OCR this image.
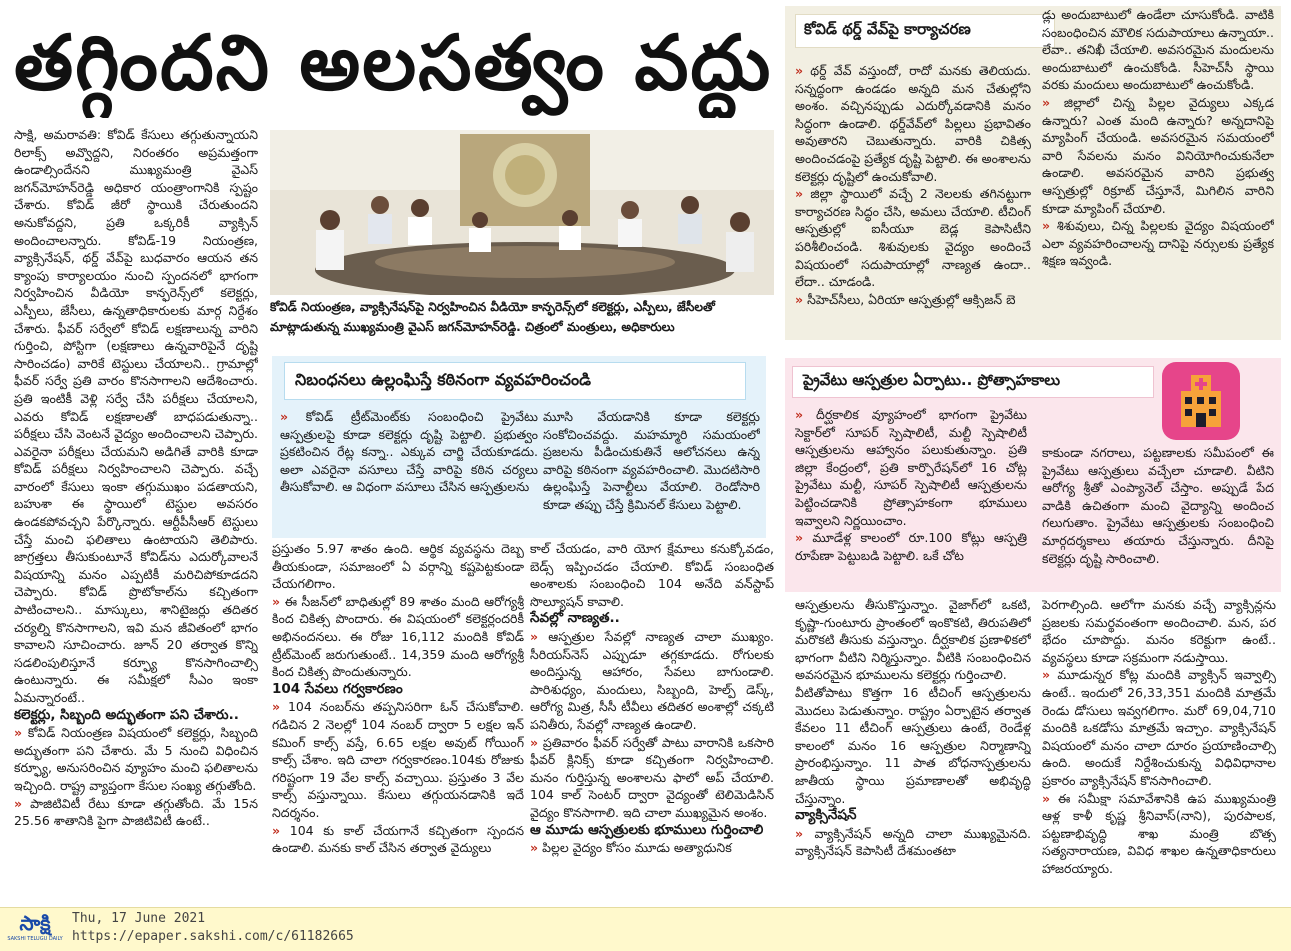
తగ్గిందని అలసత్వం వద్దు

సాక్షి, అమరావతి: కోవిడ్ కేసులు తగ్గుతున్నాయని రిలాక్స్ అవ్వొద్దని, నిరంతరం అప్రమత్తంగా ఉండాల్సిందేనని ముఖ్యమంత్రి వైఎస్ జగన్‌మోహన్‌రెడ్డి అధికార యంత్రాంగానికి స్పష్టం చేశారు. కోవిడ్ జీరో స్థాయికి చేరుతుందని అనుకోవద్దని, ప్రతి ఒక్కరికీ వ్యాక్సిన్ అందించాలన్నారు. కోవిడ్-19 నియంత్రణ, వ్యాక్సినేషన్, థర్డ్ వేవ్‌పై బుధవారం ఆయన తన క్యాంపు కార్యాలయం నుంచి స్పందనలో భాగంగా నిర్వహించిన వీడియో కాన్ఫరెన్స్‌లో కలెక్టర్లు, ఎస్పీలు, జేసీలు, ఉన్నతాధికారులకు మార్గ నిర్దేశం చేశారు. ఫీవర్ సర్వేలో కోవిడ్ లక్షణాలున్న వారిని గుర్తించి, పోస్టిగా (లక్షణాలు ఉన్నవారిపైనే దృష్టి సారించడం) వారికే టెస్టులు చేయాలని.. గ్రామాల్లో ఫీవర్ సర్వే ప్రతి వారం కొనసాగాలని ఆదేశించారు. ప్రతి ఇంటికీ వెళ్లి సర్వే చేసి పరీక్షలు చేయాలని, ఎవరు కోవిడ్ లక్షణాలతో బాధపడుతున్నా.. పరీక్షలు చేసి వెంటనే వైద్యం అందించాలని చెప్పారు. ఎవరైనా పరీక్షలు చేయమని అడిగితే వారికి కూడా కోవిడ్ పరీక్షలు నిర్వహించాలని చెప్పారు. వచ్చే వారంలో కేసులు ఇంకా తగ్గుముఖం పడతాయని, బహుశా ఈ స్థాయిలో టెస్టుల అవసరం ఉండకపోవచ్చని పేర్కొన్నారు. ఆర్టీపీసీఆర్ టెస్టులు చేస్తే మంచి ఫలితాలు ఉంటాయని తెలిపారు. జాగ్రత్తలు తీసుకుంటూనే కోవిడ్‌ను ఎదుర్కోవాలనే విషయాన్ని మనం ఎప్పటికీ మరిచిపోకూడదని చెప్పారు. కోవిడ్ ప్రొటోకాల్‌ను కచ్చితంగా పాటించాలని.. మాస్కులు, శానిటైజర్లు తదితర చర్యల్ని కొనసాగాలని, ఇవి మన జీవితంలో భాగం కావాలని సూచించారు. జూన్ 20 తర్వాత కొన్ని సడలింపులిస్తూనే కర్ఫ్యూ కొనసాగించాల్సి ఉంటున్నారు. ఈ సమీక్షలో సీఎం ఇంకా ఏమన్నారంటే..

కలెక్టర్లు, సిబ్బంది అద్భుతంగా పని చేశారు..

» కోవిడ్ నియంత్రణ విషయంలో కలెక్టర్లు, సిబ్బంది అద్భుతంగా పని చేశారు. మే 5 నుంచి విధించిన కర్ఫ్యూ, అనుసరించిన వ్యూహం మంచి ఫలితాలను ఇచ్చింది. రాష్ట్ర వ్యాప్తంగా కేసుల సంఖ్య తగ్గుతోంది.

» పాజిటివిటీ రేటు కూడా తగ్గుతోంది. మే 15న 25.56 శాతానికి పైగా పాజిటివిటీ ఉంటే..

కోవిడ్ నియంత్రణ, వ్యాక్సినేషన్‌పై నిర్వహించిన వీడియో కాన్ఫరెన్స్‌లో కలెక్టర్లు, ఎస్పీలు, జేసీలతో మాట్లాడుతున్న ముఖ్యమంత్రి వైఎస్ జగన్‌మోహన్‌రెడ్డి. చిత్రంలో మంత్రులు, అధికారులు
కోవిడ్ థర్డ్ వేవ్‌పై కార్యాచరణ

» థర్డ్ వేవ్ వస్తుందో, రాదో మనకు తెలియదు. సన్నద్ధంగా ఉండడం అన్నది మన చేతుల్లోని అంశం. వచ్చినప్పుడు ఎదుర్కోవడానికి మనం సిద్ధంగా ఉండాలి. థర్డ్‌వేవ్‌లో పిల్లలు ప్రభావితం అవుతారని చెబుతున్నారు. వారికి చికిత్స అందించడంపై ప్రత్యేక దృష్టి పెట్టాలి. ఈ అంశాలను కలెక్టర్లు దృష్టిలో ఉంచుకోవాలి.

» జిల్లా స్థాయిలో వచ్చే 2 నెలలకు తగినట్టుగా కార్యాచరణ సిద్ధం చేసి, అమలు చేయాలి. టీచింగ్ ఆస్పత్రుల్లో ఐసీయూ బెడ్ల కెపాసిటీని పరిశీలించండి. శిశువులకు వైద్యం అందించే విషయంలో సదుపాయాల్లో నాణ్యత ఉందా.. లేదా.. చూడండి.

» సీహెచ్‌సీలు, ఏరియా ఆస్పత్రుల్లో ఆక్సిజన్ బె

డ్లు అందుబాటులో ఉండేలా చూసుకోండి. వాటికి సంబంధించిన మౌలిక సదుపాయాలు ఉన్నాయా.. లేవా.. తనిఖీ చేయాలి. అవసరమైన మందులను అందుబాటులో ఉంచుకోండి. సీహెచ్‌సీ స్థాయి వరకు మందులు అందుబాటులో ఉంచుకోండి.

» జిల్లాలో చిన్న పిల్లల వైద్యులు ఎక్కడ ఉన్నారు? ఎంత మంది ఉన్నారు? అన్నదానిపై మ్యాపింగ్ చేయండి. అవసరమైన సమయంలో వారి సేవలను మనం వినియోగించుకునేలా ఉండాలి. అవసరమైన వారిని ప్రభుత్వ ఆస్పత్రుల్లో రిక్రూట్ చేస్తూనే, మిగిలిన వారిని కూడా మ్యాపింగ్ చేయాలి.

» శిశువులు, చిన్న పిల్లలకు వైద్యం విషయంలో ఎలా వ్యవహరించాలన్న దానిపై నర్సులకు ప్రత్యేక శిక్షణ ఇవ్వండి.

నిబంధనలు ఉల్లంఘిస్తే కఠినంగా వ్యవహరించండి

» కోవిడ్ ట్రీట్‌మెంట్‌కు సంబంధించి ప్రైవేటు ఆస్పత్రులపై కూడా కలెక్టర్లు దృష్టి పెట్టాలి. ప్రభుత్వం ప్రకటించిన రేట్ల కన్నా.. ఎక్కువ చార్జి చేయకూడదు. అలా ఎవరైనా వసూలు చేస్తే వారిపై కఠిన చర్యలు తీసుకోవాలి. ఆ విధంగా వసూలు చేసిన ఆస్పత్రులను

మూసి వేయడానికి కూడా కలెక్టర్లు సంకోచించవద్దు. మహమ్మారి సమయంలో ప్రజలను పీడించుకుతినే ఆలోచనలు ఉన్న వారిపై కఠినంగా వ్యవహరించాలి. మొదటిసారి ఉల్లంఘిస్తే పెనాల్టీలు వేయాలి. రెండోసారి కూడా తప్పు చేస్తే క్రిమినల్ కేసులు పెట్టాలి.

ప్రస్తుతం 5.97 శాతం ఉంది. ఆర్థిక వ్యవస్థను దెబ్బ తీయకుండా, సమాజంలో ఏ వర్గాన్ని కష్టపెట్టకుండా చేయగలిగాం.

» ఈ సీజన్‌లో బాధితుల్లో 89 శాతం మంది ఆరోగ్యశ్రీ కింద చికిత్స పొందారు. ఈ విషయంలో కలెక్టర్లందరికీ అభినందనలు. ఈ రోజు 16,112 మందికి కోవిడ్ ట్రీట్‌మెంట్ జరుగుతుంటే.. 14,359 మంది ఆరోగ్యశ్రీ కింద చికిత్స పొందుతున్నారు.

104 సేవలు గర్వకారణం

» 104 నంబర్‌ను తప్పనిసరిగా ఓన్ చేసుకోవాలి. గడిచిన 2 నెలల్లో 104 నంబర్ ద్వారా 5 లక్షల ఇన్ కమింగ్ కాల్స్ వస్తే, 6.65 లక్షల అవుట్ గోయింగ్ కాల్స్ చేశాం. ఇది చాలా గర్వకారణం.104కు రోజుకు గరిష్టంగా 19 వేల కాల్స్ వచ్చాయి. ప్రస్తుతం 3 వేల కాల్స్ వస్తున్నాయి. కేసులు తగ్గుయనడానికి ఇదే నిదర్శనం.

» 104 కు కాల్ చేయగానే కచ్చితంగా స్పందన ఉండాలి. మనకు కాల్ చేసిన తర్వాత వైద్యులు

కాల్ చేయడం, వారి యోగ క్షేమాలు కనుక్కోవడం, బెడ్స్ ఇప్పించడం చేయాలి. కోవిడ్ సంబంధిత అంశాలకు సంబంధించి 104 అనేది వన్‌స్టాప్ సొల్యూషన్ కావాలి.

సేవల్లో నాణ్యత..

» ఆస్పత్రుల సేవల్లో నాణ్యత చాలా ముఖ్యం. సీరియస్‌నెస్ ఎప్పుడూ తగ్గకూడదు. రోగులకు అందిస్తున్న ఆహారం, సేవలు బాగుండాలి. పారిశుధ్యం, మందులు, సిబ్బంది, హెల్ప్ డెస్క్, ఆరోగ్య మిత్ర, సీసీ టీవీలు తదితర అంశాల్లో చక్కటి పనితీరు, సేవల్లో నాణ్యత ఉండాలి.

» ప్రతివారం ఫీవర్ సర్వేతో పాటు వారానికి ఒకసారి ఫీవర్ క్లినిక్స్ కూడా కచ్చితంగా నిర్వహించాలి. మనం గుర్తిస్తున్న అంశాలను ఫాలో అప్ చేయాలి. 104 కాల్ సెంటర్ ద్వారా వైద్యంతో టెలిమెడిసిన్ వైద్యం కొనసాగాలి. ఇది చాలా ముఖ్యమైన అంశం.

ఆ మూడు ఆస్పత్రులకు భూములు గుర్తించాలి

» పిల్లల వైద్యం కోసం మూడు అత్యాధునిక

ప్రైవేటు ఆస్పత్రుల ఏర్పాటు.. ప్రోత్సాహకాలు

» దీర్ఘకాలిక వ్యూహంలో భాగంగా ప్రైవేటు సెక్టార్‌లో సూపర్ స్పెషాలిటీ, మల్టీ స్పెషాలిటీ ఆస్పత్రులను ఆహ్వానం పలుకుతున్నాం. ప్రతి జిల్లా కేంద్రంలో, ప్రతి కార్పొరేషన్‌లో 16 చోట్ల ప్రైవేటు మల్టీ, సూపర్ స్పెషాలిటీ ఆస్పత్రులను పెట్టించడానికి ప్రోత్సాహకంగా భూములు ఇవ్వాలని నిర్ణయించాం.

» మూడేళ్ల కాలంలో రూ.100 కోట్లు ఆస్పత్రి రూపేణా పెట్టుబడి పెట్టాలి. ఒకే చోట

కాకుండా నగరాలు, పట్టణాలకు సమీపంలో ఈ ప్రైవేటు ఆస్పత్రులు వచ్చేలా చూడాలి. వీటిని ఆరోగ్య శ్రీతో ఎంప్యానెల్ చేస్తాం. అప్పుడే పేద వాడికి ఉచితంగా మంచి వైద్యాన్ని అందించ గలుగుతాం. ప్రైవేటు ఆస్పత్రులకు సంబంధించి మార్గదర్శకాలు తయారు చేస్తున్నారు. దీనిపై కలెక్టర్లు దృష్టి సారించాలి.

ఆస్పత్రులను తీసుకొస్తున్నాం. వైజాగ్‌లో ఒకటి, కృష్ణా-గుంటూరు ప్రాంతంలో ఇంకొకటి, తిరుపతిలో మరొకటి తీసుకు వస్తున్నాం. దీర్ఘకాలిక ప్రణాళికలో భాగంగా వీటిని నిర్మిస్తున్నాం. వీటికి సంబంధించిన అవసరమైన భూములను కలెక్టర్లు గుర్తించాలి.

వీటితోపాటు కొత్తగా 16 టీచింగ్ ఆస్పత్రులను మొదలు పెడుతున్నాం. రాష్ట్రం ఏర్పాటైన తర్వాత కేవలం 11 టీచింగ్ ఆస్పత్రులు ఉంటే, రెండేళ్ల కాలంలో మనం 16 ఆస్పత్రుల నిర్మాణాన్ని ప్రారంభిస్తున్నాం. 11 పాత బోధనాస్పత్రులను జాతీయ స్థాయి ప్రమాణాలతో అభివృద్ధి చేస్తున్నాం.

వ్యాక్సినేషన్

» వ్యాక్సినేషన్ అన్నది చాలా ముఖ్యమైనది. వ్యాక్సినేషన్ కెపాసిటీ దేశమంతటా

పెరగాల్సింది. ఆలోగా మనకు వచ్చే వ్యాక్సిన్లను ప్రజలకు సమర్థవంతంగా అందించాలి. మన, పర భేదం చూపొద్దు. మనం కరెక్టుగా ఉంటే.. వ్యవస్థలు కూడా సక్రమంగా నడుస్తాయి.

» మూడున్నర కోట్ల మందికి వ్యాక్సిన్ ఇవ్వాల్సి ఉంటే.. ఇందులో 26,33,351 మందికి మాత్రమే రెండు డోసులు ఇవ్వగలిగాం. మరో 69,04,710 మందికి ఒకడోసు మాత్రమే ఇచ్చాం. వ్యాక్సినేషన్ విషయంలో మనం చాలా దూరం ప్రయాణించాల్సి ఉంది. అందుకే నిర్దేశించుకున్న విధివిధానాల ప్రకారం వ్యాక్సినేషన్ కొనసాగించాలి.

» ఈ సమీక్షా సమావేశానికి ఉప ముఖ్యమంత్రి ఆళ్ల కాళీ కృష్ణ శ్రీనివాస్(నాని), పురపాలక, పట్టణాభివృద్ధి శాఖ మంత్రి బొత్స సత్యనారాయణ, వివిధ శాఖల ఉన్నతాధికారులు హాజరయ్యారు.

సాక్షి
SAKSHI TELUGU DAILY
Thu, 17 June 2021
https://epaper.sakshi.com/c/61182665
